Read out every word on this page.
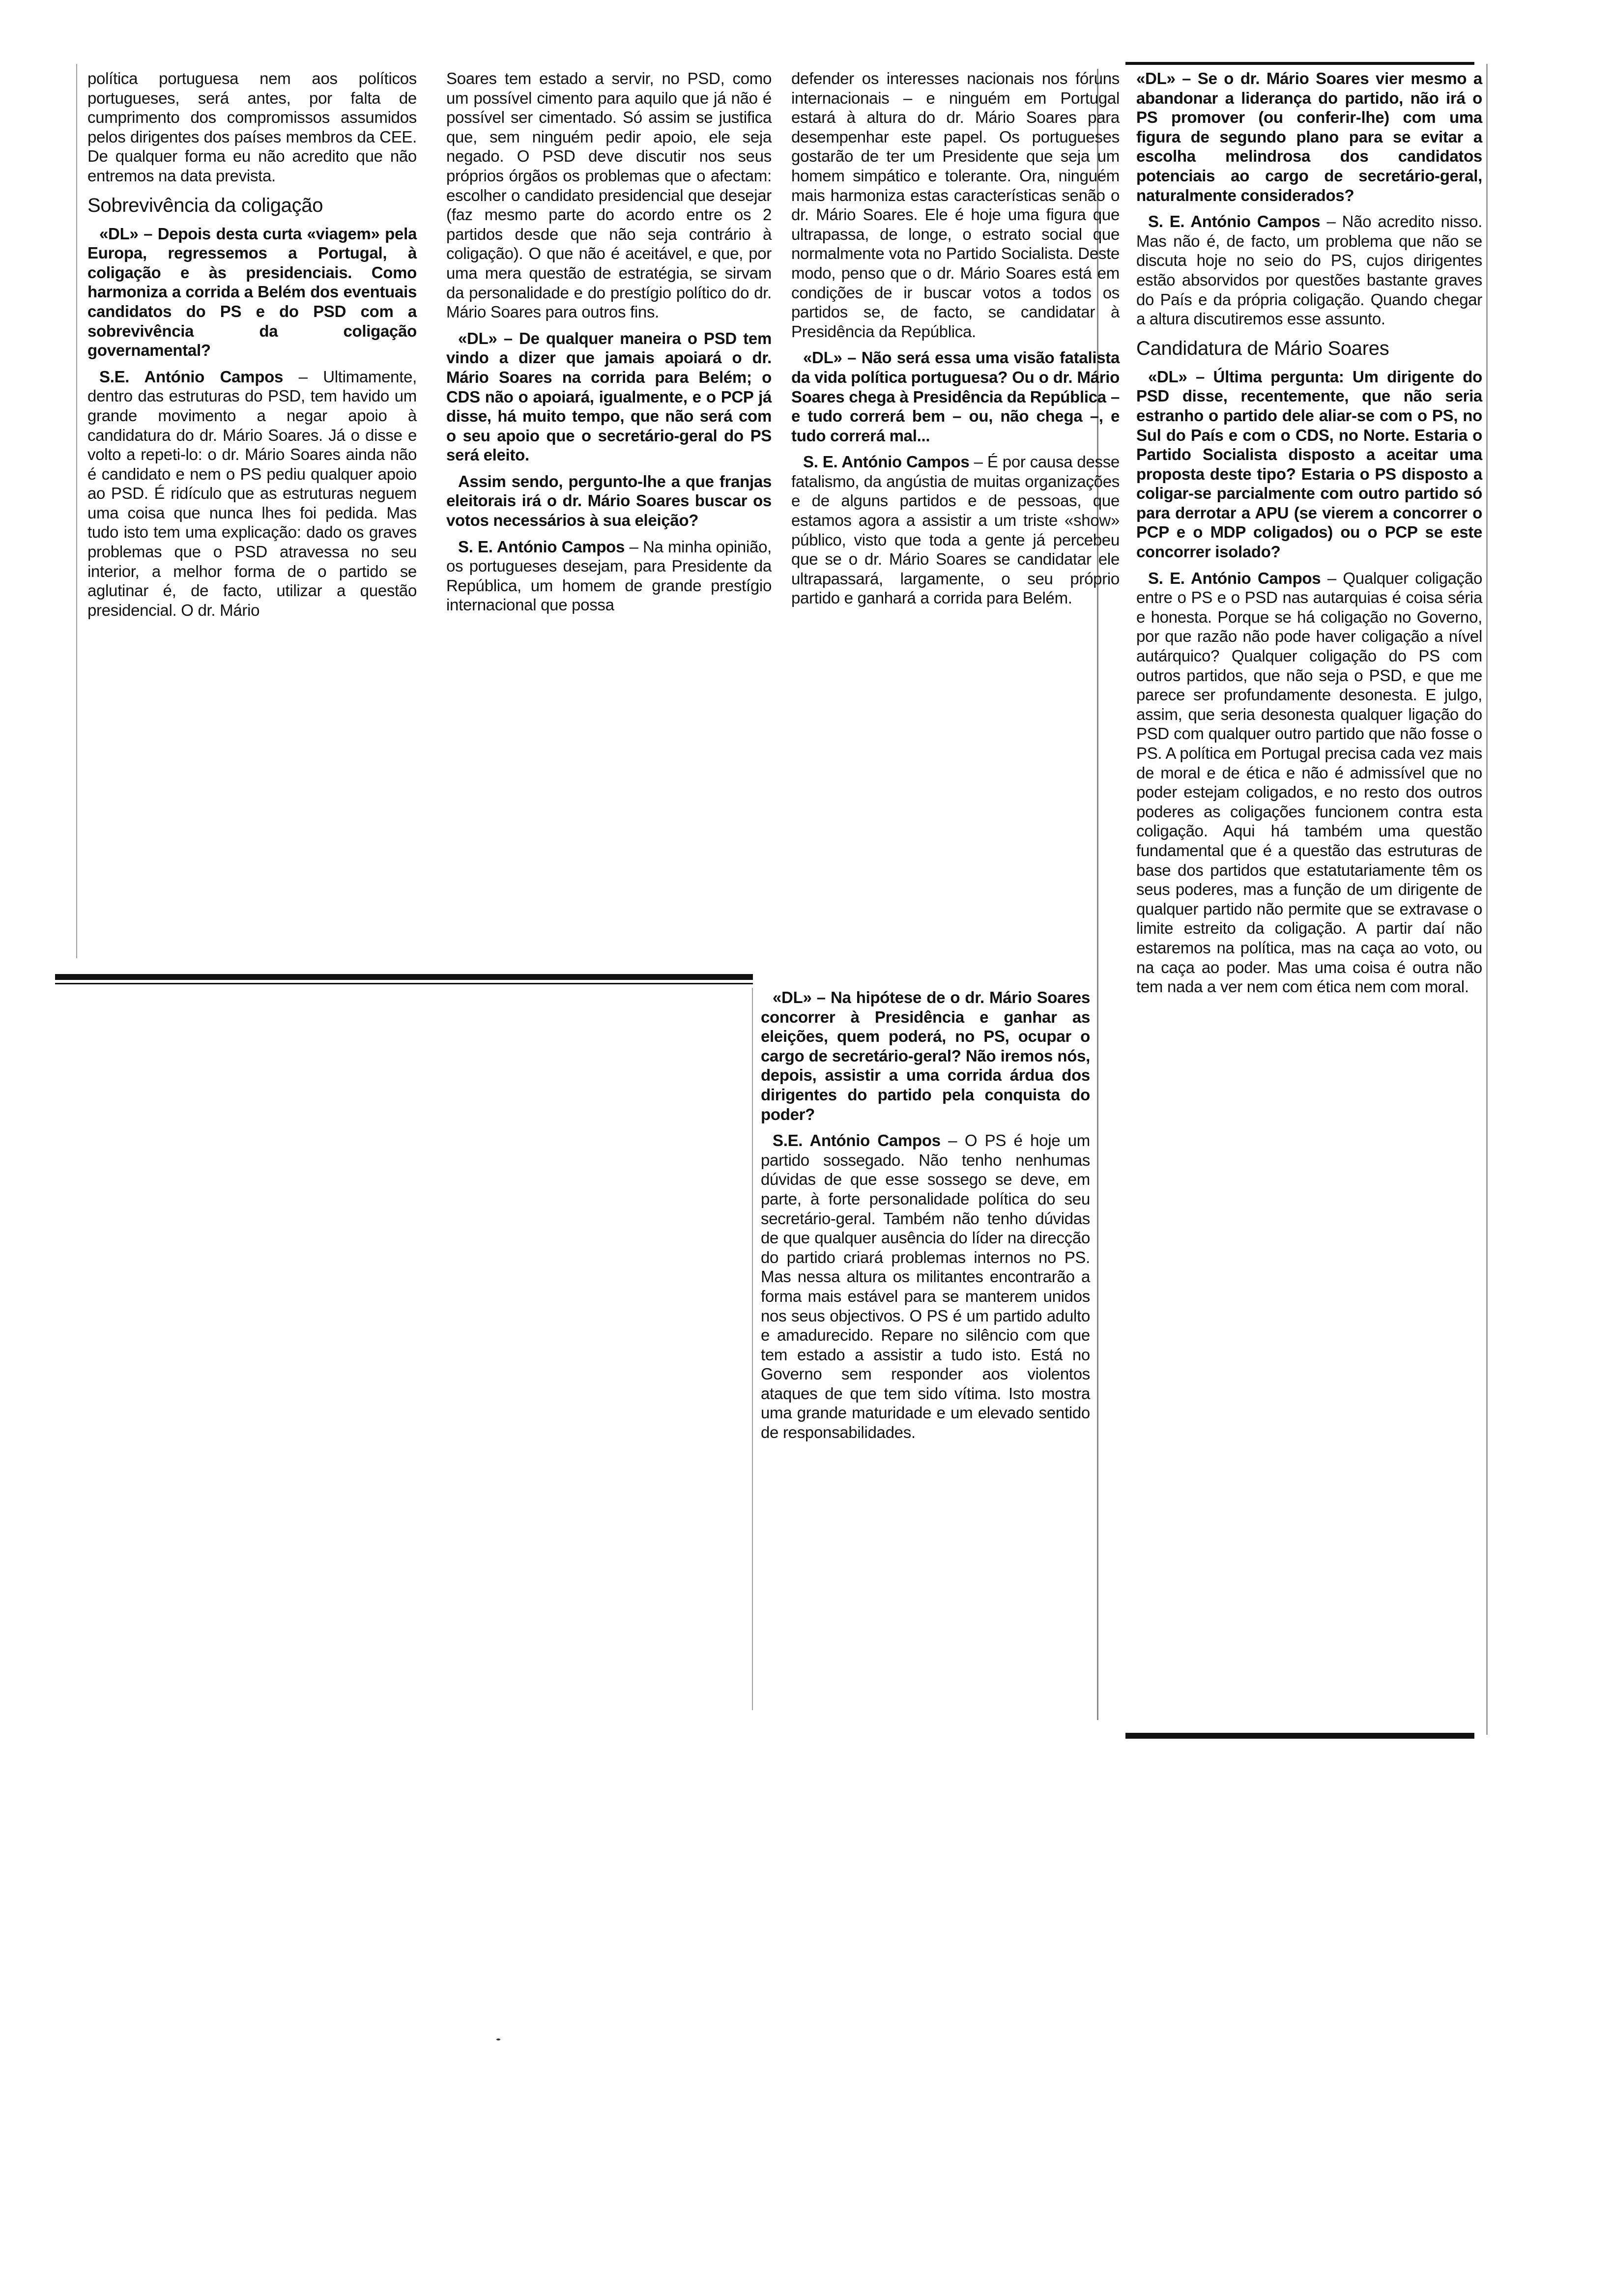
política portuguesa nem aos políticos portugueses, será antes, por falta de cumprimento dos compromissos assumidos pelos dirigentes dos países membros da CEE. De qualquer forma eu não acredito que não entremos na data prevista.

Sobrevivência da coligação

«DL» – Depois desta curta «viagem» pela Europa, regressemos a Portugal, à coligação e às presidenciais. Como harmoniza a corrida a Belém dos eventuais candidatos do PS e do PSD com a sobrevivência da coligação governamental?

S.E. António Campos – Ultimamente, dentro das estruturas do PSD, tem havido um grande movimento a negar apoio à candidatura do dr. Mário Soares. Já o disse e volto a repeti-lo: o dr. Mário Soares ainda não é candidato e nem o PS pediu qualquer apoio ao PSD. É ridículo que as estruturas neguem uma coisa que nunca lhes foi pedida. Mas tudo isto tem uma explicação: dado os graves problemas que o PSD atravessa no seu interior, a melhor forma de o partido se aglutinar é, de facto, utilizar a questão presidencial. O dr. Mário

Soares tem estado a servir, no PSD, como um possível cimento para aquilo que já não é possível ser cimentado. Só assim se justifica que, sem ninguém pedir apoio, ele seja negado. O PSD deve discutir nos seus próprios órgãos os problemas que o afectam: escolher o candidato presidencial que desejar (faz mesmo parte do acordo entre os 2 partidos desde que não seja contrário à coligação). O que não é aceitável, e que, por uma mera questão de estratégia, se sirvam da personalidade e do prestígio político do dr. Mário Soares para outros fins.

«DL» – De qualquer maneira o PSD tem vindo a dizer que jamais apoiará o dr. Mário Soares na corrida para Belém; o CDS não o apoiará, igualmente, e o PCP já disse, há muito tempo, que não será com o seu apoio que o secretário-geral do PS será eleito.

Assim sendo, pergunto-lhe a que franjas eleitorais irá o dr. Mário Soares buscar os votos necessários à sua eleição?

S. E. António Campos – Na minha opinião, os portugueses desejam, para Presidente da República, um homem de grande prestígio internacional que possa

defender os interesses nacionais nos fóruns internacionais – e ninguém em Portugal estará à altura do dr. Mário Soares para desempenhar este papel. Os portugueses gostarão de ter um Presidente que seja um homem simpático e tolerante. Ora, ninguém mais harmoniza estas características senão o dr. Mário Soares. Ele é hoje uma figura que ultrapassa, de longe, o estrato social que normalmente vota no Partido Socialista. Deste modo, penso que o dr. Mário Soares está em condições de ir buscar votos a todos os partidos se, de facto, se candidatar à Presidência da República.

«DL» – Não será essa uma visão fatalista da vida política portuguesa? Ou o dr. Mário Soares chega à Presidência da República – e tudo correrá bem – ou, não chega –, e tudo correrá mal...

S. E. António Campos – É por causa desse fatalismo, da angústia de muitas organizações e de alguns partidos e de pessoas, que estamos agora a assistir a um triste «show» público, visto que toda a gente já percebeu que se o dr. Mário Soares se candidatar ele ultrapassará, largamente, o seu próprio partido e ganhará a corrida para Belém.

«DL» – Na hipótese de o dr. Mário Soares concorrer à Presidência e ganhar as eleições, quem poderá, no PS, ocupar o cargo de secretário-geral? Não iremos nós, depois, assistir a uma corrida árdua dos dirigentes do partido pela conquista do poder?

S.E. António Campos – O PS é hoje um partido sossegado. Não tenho nenhumas dúvidas de que esse sossego se deve, em parte, à forte personalidade política do seu secretário-geral. Também não tenho dúvidas de que qualquer ausência do líder na direcção do partido criará problemas internos no PS. Mas nessa altura os militantes encontrarão a forma mais estável para se manterem unidos nos seus objectivos. O PS é um partido adulto e amadurecido. Repare no silêncio com que tem estado a assistir a tudo isto. Está no Governo sem responder aos violentos ataques de que tem sido vítima. Isto mostra uma grande maturidade e um elevado sentido de responsabilidades.

«DL» – Se o dr. Mário Soares vier mesmo a abandonar a liderança do partido, não irá o PS promover (ou conferir-lhe) com uma figura de segundo plano para se evitar a escolha melindrosa dos candidatos potenciais ao cargo de secretário-geral, naturalmente considerados?

S. E. António Campos – Não acredito nisso. Mas não é, de facto, um problema que não se discuta hoje no seio do PS, cujos dirigentes estão absorvidos por questões bastante graves do País e da própria coligação. Quando chegar a altura discutiremos esse assunto.

Candidatura de Mário Soares

«DL» – Última pergunta: Um dirigente do PSD disse, recentemente, que não seria estranho o partido dele aliar-se com o PS, no Sul do País e com o CDS, no Norte. Estaria o Partido Socialista disposto a aceitar uma proposta deste tipo? Estaria o PS disposto a coligar-se parcialmente com outro partido só para derrotar a APU (se vierem a concorrer o PCP e o MDP coligados) ou o PCP se este concorrer isolado?

S. E. António Campos – Qualquer coligação entre o PS e o PSD nas autarquias é coisa séria e honesta. Porque se há coligação no Governo, por que razão não pode haver coligação a nível autárquico? Qualquer coligação do PS com outros partidos, que não seja o PSD, e que me parece ser profundamente desonesta. E julgo, assim, que seria desonesta qualquer ligação do PSD com qualquer outro partido que não fosse o PS. A política em Portugal precisa cada vez mais de moral e de ética e não é admissível que no poder estejam coligados, e no resto dos outros poderes as coligações funcionem contra esta coligação. Aqui há também uma questão fundamental que é a questão das estruturas de base dos partidos que estatutariamente têm os seus poderes, mas a função de um dirigente de qualquer partido não permite que se extravase o limite estreito da coligação. A partir daí não estaremos na política, mas na caça ao voto, ou na caça ao poder. Mas uma coisa é outra não tem nada a ver nem com ética nem com moral.
